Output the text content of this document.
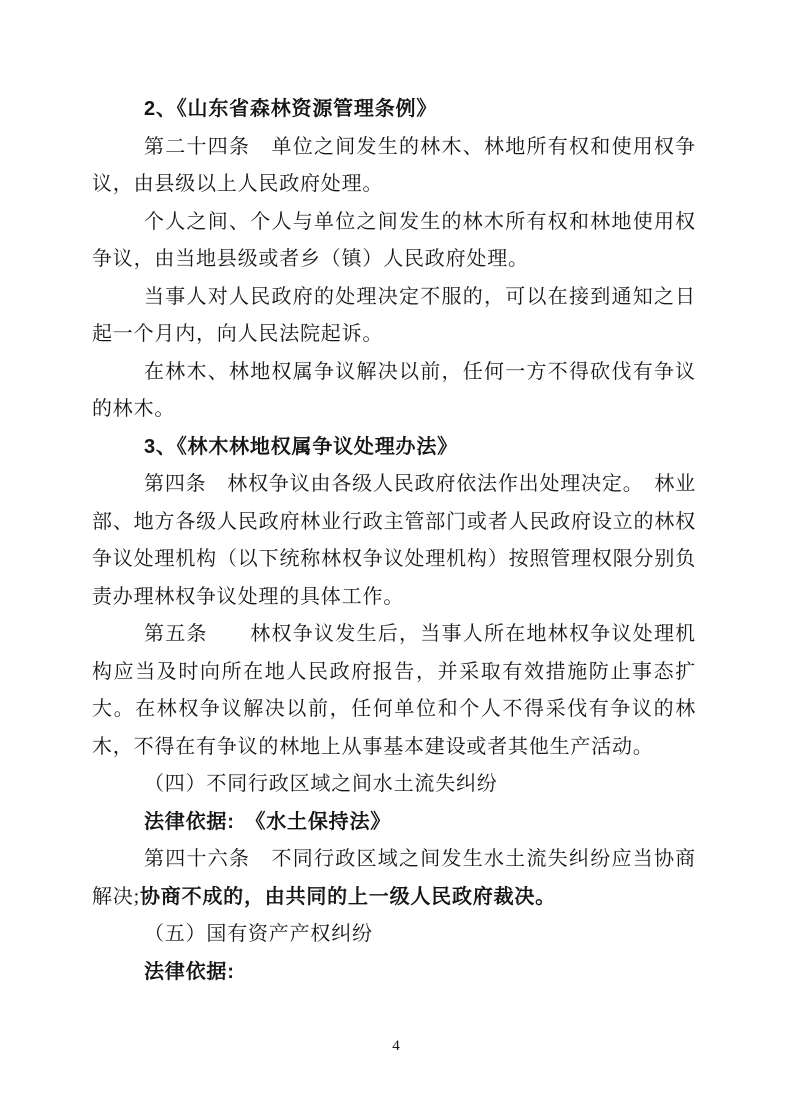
2、《山东省森林资源管理条例》

第二十四条　单位之间发生的林木、林地所有权和使用权争议，由县级以上人民政府处理。

个人之间、个人与单位之间发生的林木所有权和林地使用权争议，由当地县级或者乡（镇）人民政府处理。

当事人对人民政府的处理决定不服的，可以在接到通知之日起一个月内，向人民法院起诉。

在林木、林地权属争议解决以前，任何一方不得砍伐有争议的林木。

3、《林木林地权属争议处理办法》

第四条　林权争议由各级人民政府依法作出处理决定。　林业部、地方各级人民政府林业行政主管部门或者人民政府设立的林权争议处理机构（以下统称林权争议处理机构）按照管理权限分别负责办理林权争议处理的具体工作。

第五条　　林权争议发生后，当事人所在地林权争议处理机构应当及时向所在地人民政府报告，并采取有效措施防止事态扩大。在林权争议解决以前，任何单位和个人不得采伐有争议的林木，不得在有争议的林地上从事基本建设或者其他生产活动。

（四）不同行政区域之间水土流失纠纷

法律依据:　《水土保持法》

第四十六条　不同行政区域之间发生水土流失纠纷应当协商解决;协商不成的，由共同的上一级人民政府裁决。

（五）国有资产产权纠纷

法律依据:

4
